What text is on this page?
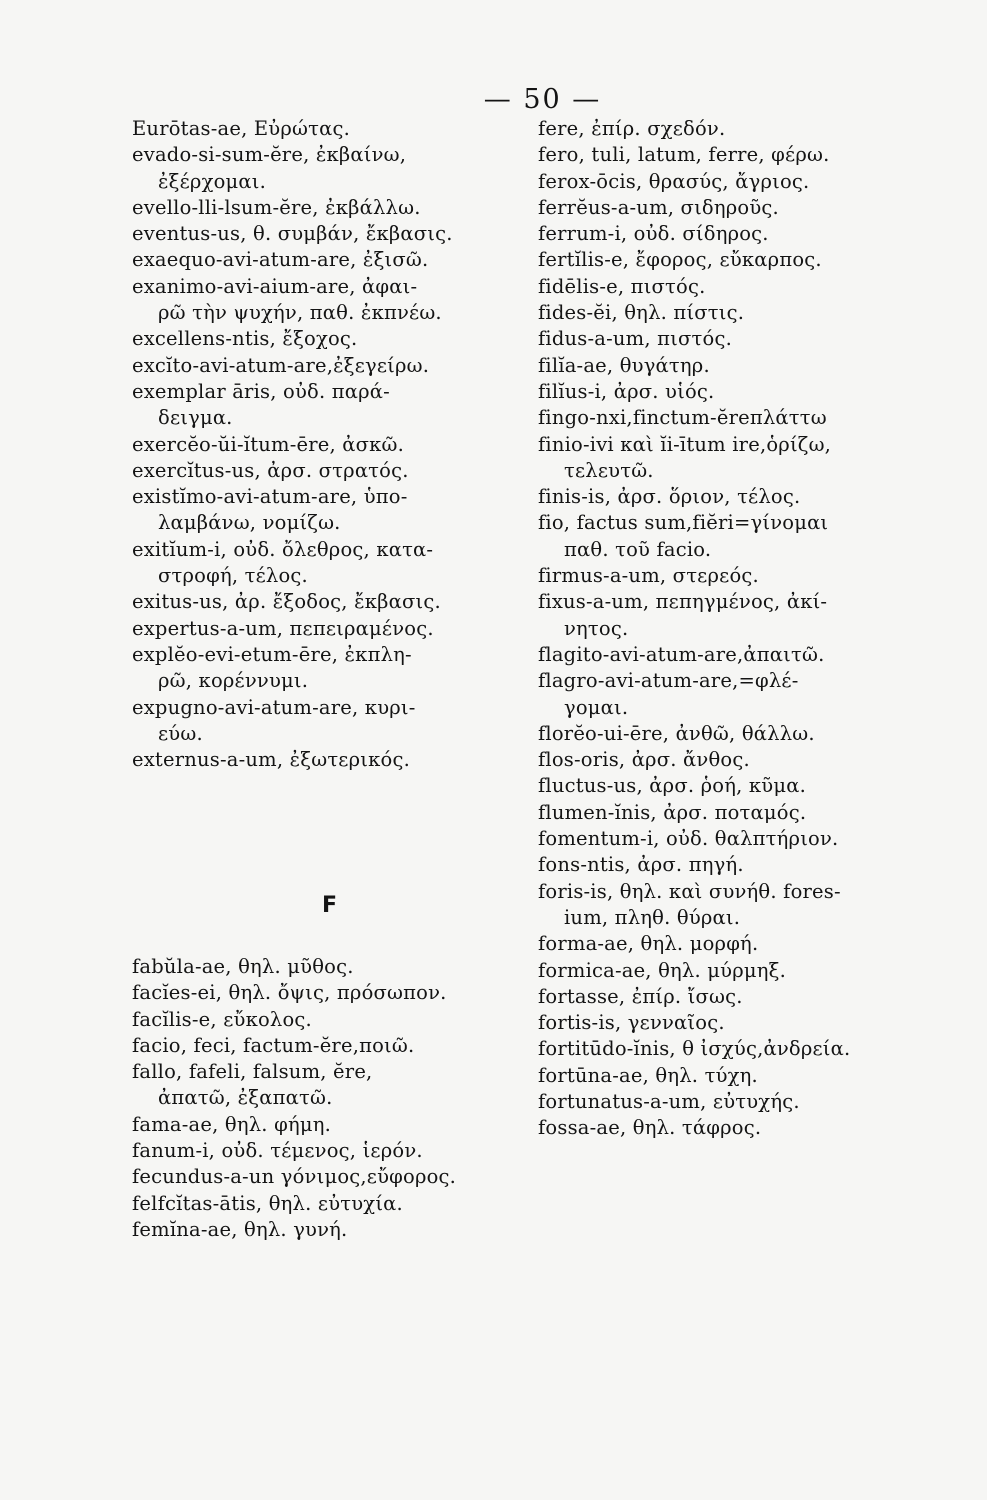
— 50 —
Eurōtas-ae, Εὐρώτας.
evado-si-sum-ĕre, ἐκβαίνω,
ἐξέρχομαι.
evello-lli-lsum-ĕre, ἐκβάλλω.
eventus-us, θ. συμβάν, ἔκβασις.
exaequo-avi-atum-are, ἐξισῶ.
exanimo-avi-aium-are, ἀφαι-
ρῶ τὴν ψυχήν, παθ. ἐκπνέω.
excellens-ntis, ἔξοχος.
excĭto-avi-atum-are,ἐξεγείρω.
exemplar āris, οὐδ. παρά-
δειγμα.
exercĕo-ŭi-ĭtum-ēre, ἀσκῶ.
exercĭtus-us, ἀρσ. στρατός.
existĭmo-avi-atum-are, ὑπο-
λαμβάνω, νομίζω.
exitĭum-i, οὐδ. ὄλεθρος, κατα-
στροφή, τέλος.
exitus-us, ἀρ. ἔξοδος, ἔκβασις.
expertus-a-um, πεπειραμένος.
explĕo-evi-etum-ēre, ἐκπλη-
ρῶ, κορέννυμι.
expugno-avi-atum-are, κυρι-
εύω.
externus-a-um, ἐξωτερικός.
F
fabŭla-ae, θηλ. μῦθος.
facĭes-ei, θηλ. ὄψις, πρόσωπον.
facĭlis-e, εὔκολος.
facio, feci, factum-ĕre,ποιῶ.
fallo, fafeli, falsum, ĕre,
ἀπατῶ, ἐξαπατῶ.
fama-ae, θηλ. φήμη.
fanum-i, οὐδ. τέμενος, ἱερόν.
fecundus-a-un γόνιμος,εὔφορος.
felfcĭtas-ātis, θηλ. εὐτυχία.
femĭna-ae, θηλ. γυνή.
fere, ἐπίρ. σχεδόν.
fero, tuli, latum, ferre, φέρω.
ferox-ōcis, θρασύς, ἄγριος.
ferrĕus-a-um, σιδηροῦς.
ferrum-i, οὐδ. σίδηρος.
fertĭlis-e, ἔφορος, εὔκαρπος.
fidēlis-e, πιστός.
fides-ĕi, θηλ. πίστις.
fidus-a-um, πιστός.
filĭa-ae, θυγάτηρ.
filĭus-i, ἀρσ. υἱός.
fingo-nxi,finctum-ĕreπλάττω
finio-ivi καὶ ĭi-ītum ire,ὁρίζω,
τελευτῶ.
finis-is, ἀρσ. ὅριον, τέλος.
fio, factus sum,fiĕri=γίνομαι
παθ. τοῦ facio.
firmus-a-um, στερεός.
fixus-a-um, πεπηγμένος, ἀκί-
νητος.
flagito-avi-atum-are,ἀπαιτῶ.
flagro-avi-atum-are,=φλέ-
γομαι.
florĕo-ui-ēre, ἀνθῶ, θάλλω.
flos-oris, ἀρσ. ἄνθος.
fluctus-us, ἀρσ. ῥοή, κῦμα.
flumen-ĭnis, ἀρσ. ποταμός.
fomentum-i, οὐδ. θαλπτήριον.
fons-ntis, ἀρσ. πηγή.
foris-is, θηλ. καὶ συνήθ. fores-
ium, πληθ. θύραι.
forma-ae, θηλ. μορφή.
formica-ae, θηλ. μύρμηξ.
fortasse, ἐπίρ. ἴσως.
fortis-is, γενναῖος.
fortitūdo-ĭnis, θ ἰσχύς,ἀνδρεία.
fortūna-ae, θηλ. τύχη.
fortunatus-a-um, εὐτυχής.
fossa-ae, θηλ. τάφρος.
